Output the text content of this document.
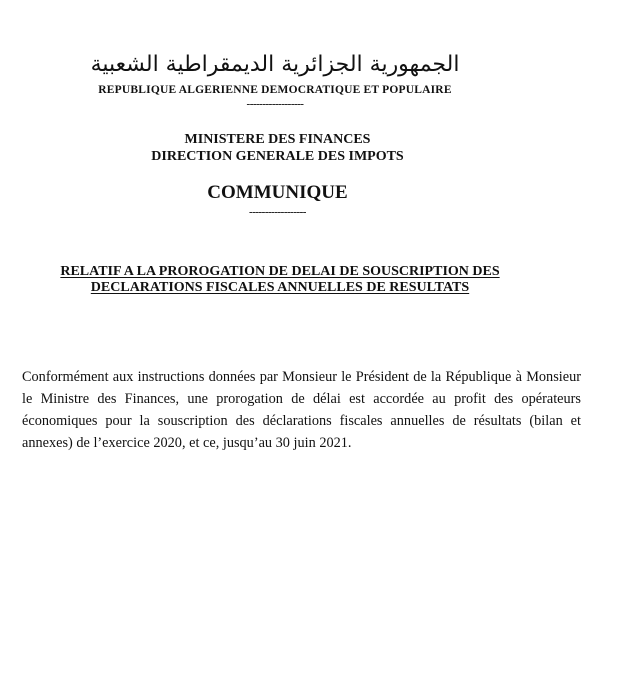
الجمهورية الجزائرية الديمقراطية الشعبية
REPUBLIQUE ALGERIENNE DEMOCRATIQUE ET POPULAIRE
------------------
MINISTERE DES FINANCES
DIRECTION GENERALE DES IMPOTS
COMMUNIQUE
------------------
RELATIF A LA PROROGATION DE DELAI DE SOUSCRIPTION DES
DECLARATIONS FISCALES ANNUELLES DE RESULTATS

Conformément aux instructions données par Monsieur le Président de la République à Monsieur le Ministre des Finances, une prorogation de délai est accordée au profit des opérateurs économiques pour la souscription des déclarations fiscales annuelles de résultats (bilan et annexes) de l’exercice 2020, et ce, jusqu’au 30 juin 2021.
